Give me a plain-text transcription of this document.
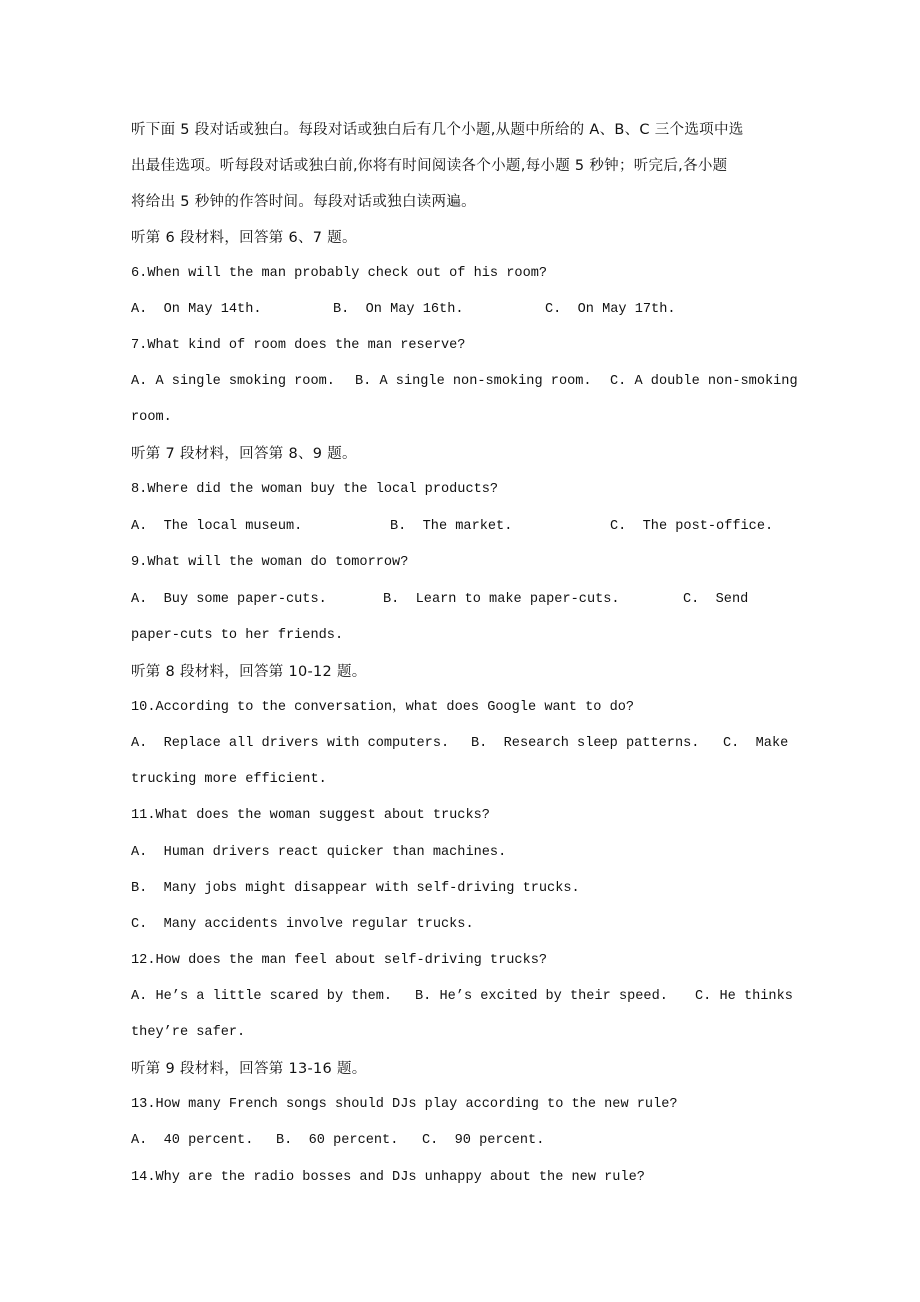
听下面 5 段对话或独白。每段对话或独白后有几个小题,从题中所给的 A、B、C 三个选项中选
出最佳选项。听每段对话或独白前,你将有时间阅读各个小题,每小题 5 秒钟；听完后,各小题
将给出 5 秒钟的作答时间。每段对话或独白读两遍。
听第 6 段材料，回答第 6、7 题。
6.When will the man probably check out of his room?

A.  On May 14th.

	B.  On May 16th.

	C.  On May 17th.

7.What kind of room does the man reserve?

A. A single smoking room.

B. A single non-smoking room.

C. A double non-smoking

room.
听第 7 段材料，回答第 8、9 题。
8.Where did the woman buy the local products?

A.  The local museum.

	B.  The market.

	C.  The post-office.

9.What will the woman do tomorrow?

A.  Buy some paper-cuts.

	B.  Learn to make paper-cuts.

	C.  Send

paper-cuts to her friends.
听第 8 段材料，回答第 10-12 题。
10.According to the conversation，what does Google want to do?

A.  Replace all drivers with computers.

B.  Research sleep patterns.

C.  Make

trucking more efficient.
11.What does the woman suggest about trucks?
A.  Human drivers react quicker than machines.
B.  Many jobs might disappear with self-driving trucks.
C.  Many accidents involve regular trucks.
12.How does the man feel about self-driving trucks?

A. He’s a little scared by them.

B. He’s excited by their speed.

C. He thinks

they’re safer.
听第 9 段材料，回答第 13-16 题。
13.How many French songs should DJs play according to the new rule?

A.  40 percent.

B.  60 percent.

C.  90 percent.

14.Why are the radio bosses and DJs unhappy about the new rule?
